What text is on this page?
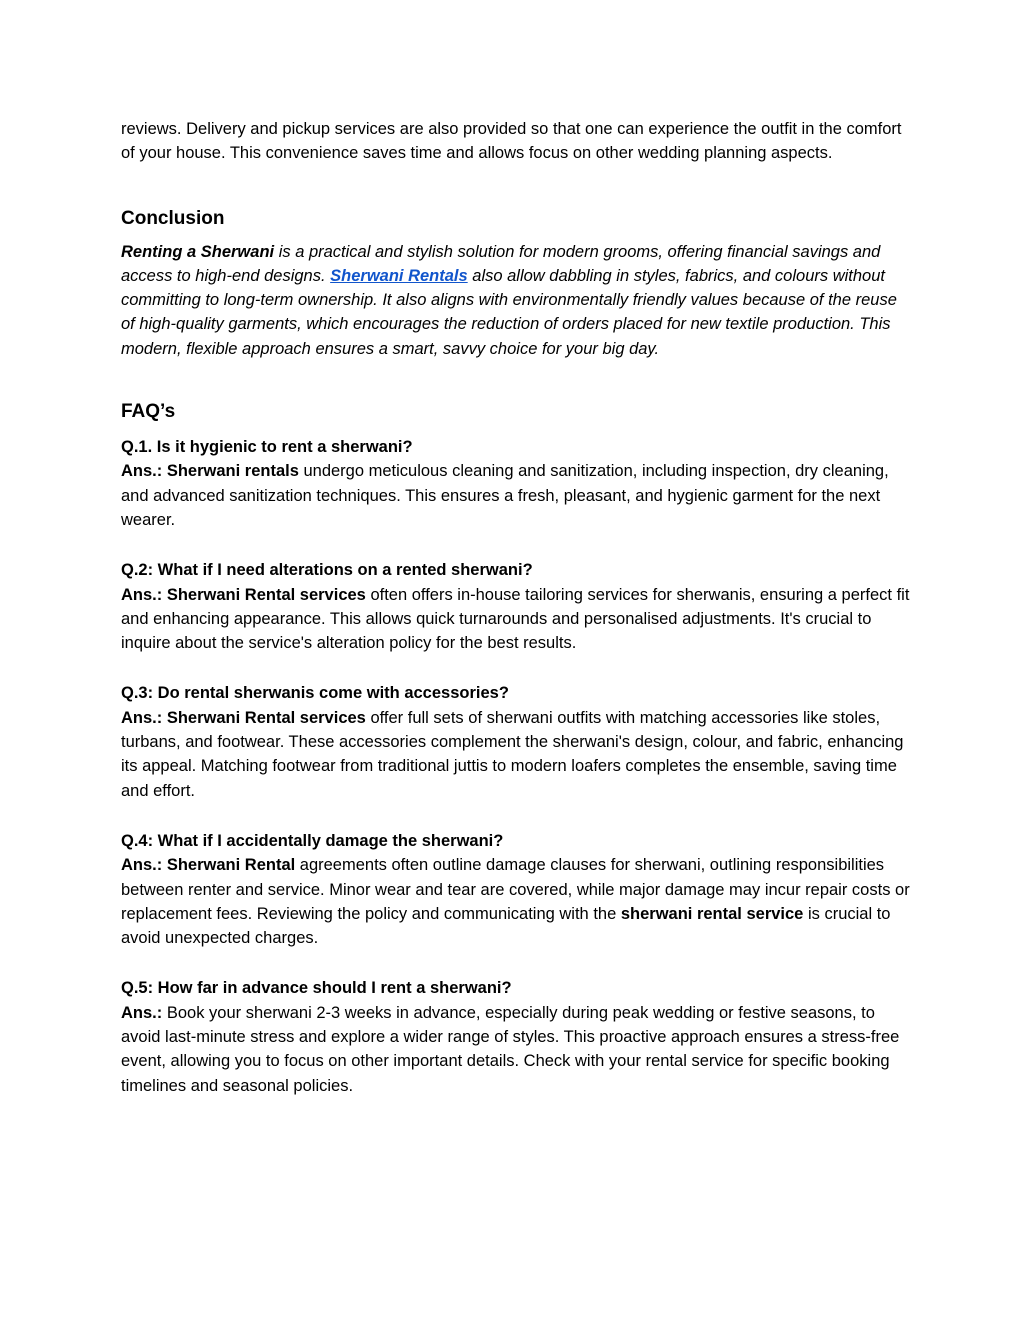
reviews. Delivery and pickup services are also provided so that one can experience the outfit in the comfort of your house. This convenience saves time and allows focus on other wedding planning aspects.

Conclusion

Renting a Sherwani is a practical and stylish solution for modern grooms, offering financial savings and access to high-end designs. Sherwani Rentals also allow dabbling in styles, fabrics, and colours without committing to long-term ownership. It also aligns with environmentally friendly values because of the reuse of high-quality garments, which encourages the reduction of orders placed for new textile production. This modern, flexible approach ensures a smart, savvy choice for your big day.

FAQ’s

Q.1. Is it hygienic to rent a sherwani?

Ans.: Sherwani rentals undergo meticulous cleaning and sanitization, including inspection, dry cleaning, and advanced sanitization techniques. This ensures a fresh, pleasant, and hygienic garment for the next wearer.

Q.2: What if I need alterations on a rented sherwani?

Ans.: Sherwani Rental services often offers in-house tailoring services for sherwanis, ensuring a perfect fit and enhancing appearance. This allows quick turnarounds and personalised adjustments. It's crucial to inquire about the service's alteration policy for the best results.

Q.3: Do rental sherwanis come with accessories?

Ans.: Sherwani Rental services offer full sets of sherwani outfits with matching accessories like stoles, turbans, and footwear. These accessories complement the sherwani's design, colour, and fabric, enhancing its appeal. Matching footwear from traditional juttis to modern loafers completes the ensemble, saving time and effort.

Q.4: What if I accidentally damage the sherwani?

Ans.: Sherwani Rental agreements often outline damage clauses for sherwani, outlining responsibilities between renter and service. Minor wear and tear are covered, while major damage may incur repair costs or replacement fees. Reviewing the policy and communicating with the sherwani rental service is crucial to avoid unexpected charges.

Q.5: How far in advance should I rent a sherwani?

Ans.: Book your sherwani 2-3 weeks in advance, especially during peak wedding or festive seasons, to avoid last-minute stress and explore a wider range of styles. This proactive approach ensures a stress-free event, allowing you to focus on other important details. Check with your rental service for specific booking timelines and seasonal policies.
